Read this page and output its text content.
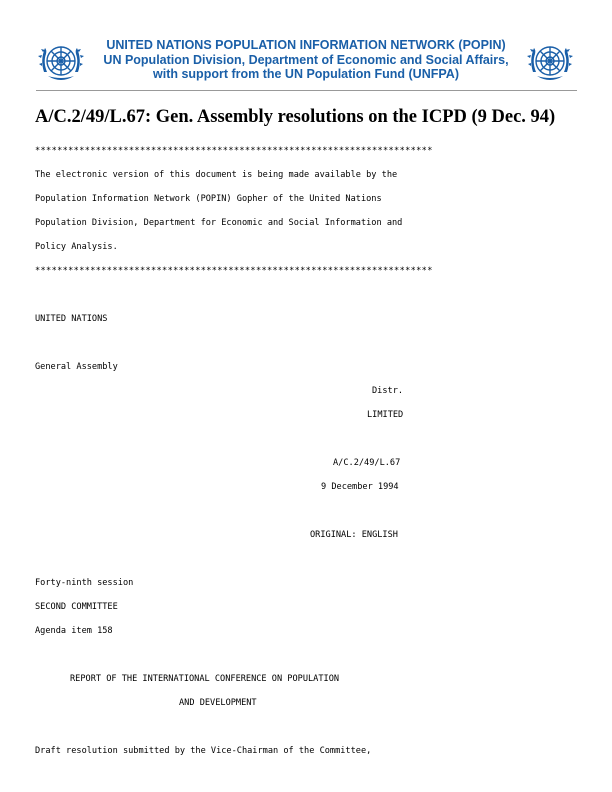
UNITED NATIONS POPULATION INFORMATION NETWORK (POPIN)
UN Population Division, Department of Economic and Social Affairs,
with support from the UN Population Fund (UNFPA)
A/C.2/49/L.67: Gen. Assembly resolutions on the ICPD (9 Dec. 94)
************************************************************************
The electronic version of this document is being made available by the
Population Information Network (POPIN) Gopher of the United Nations
Population Division, Department for Economic and Social Information and
Policy Analysis.
************************************************************************
UNITED NATIONS
General Assembly
Distr.
LIMITED
A/C.2/49/L.67
9 December 1994
ORIGINAL: ENGLISH
Forty-ninth session
SECOND COMMITTEE
Agenda item 158
REPORT OF THE INTERNATIONAL CONFERENCE ON POPULATION
AND DEVELOPMENT
Draft resolution submitted by the Vice-Chairman of the Committee,
